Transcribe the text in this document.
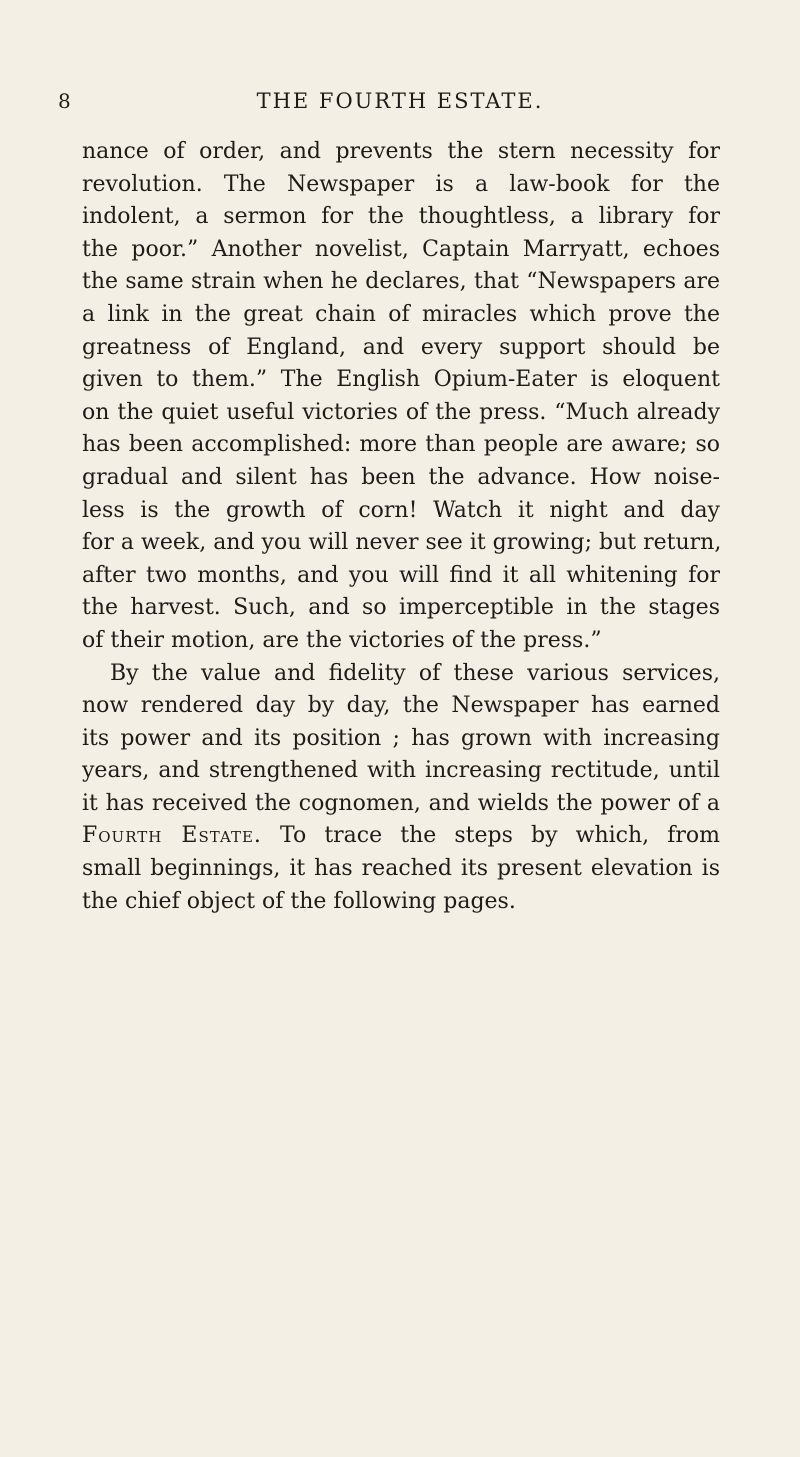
8	THE FOURTH ESTATE.
nance of order, and prevents the stern necessity for
revolution. The Newspaper is a law-book for the
indolent, a sermon for the thoughtless, a library for
the poor.” Another novelist, Captain Marryatt, echoes
the same strain when he declares, that “Newspapers are
a link in the great chain of miracles which prove the
greatness of England, and every support should be
given to them.” The English Opium-Eater is eloquent
on the quiet useful victories of the press. “Much already
has been accomplished: more than people are aware; so
gradual and silent has been the advance. How noise-
less is the growth of corn! Watch it night and day
for a week, and you will never see it growing; but return,
after two months, and you will find it all whitening for
the harvest. Such, and so imperceptible in the stages
of their motion, are the victories of the press.”
By the value and fidelity of these various services,
now rendered day by day, the Newspaper has earned
its power and its position ; has grown with increasing
years, and strengthened with increasing rectitude, until
it has received the cognomen, and wields the power of a
Fourth Estate. To trace the steps by which, from
small beginnings, it has reached its present elevation is
the chief object of the following pages.
